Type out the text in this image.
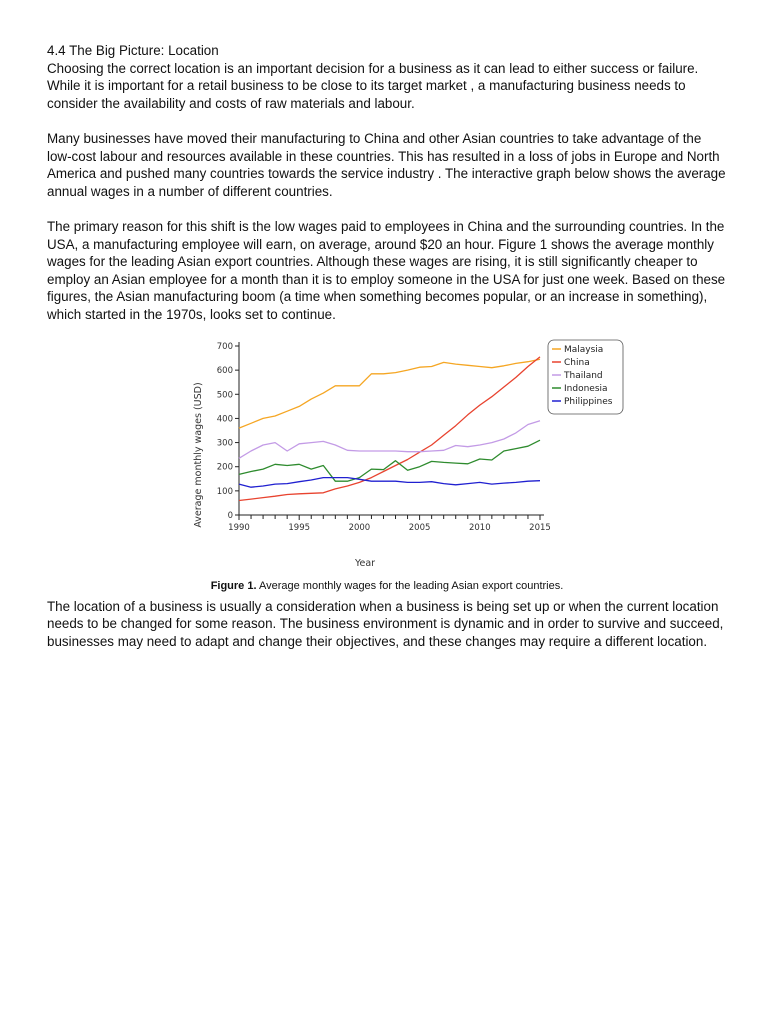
4.4 The Big Picture: Location

Choosing the correct location is an important decision for a business as it can lead to either success or failure. While it is important for a retail business to be close to its target market , a manufacturing business needs to consider the availability and costs of raw materials and labour.

Many businesses have moved their manufacturing to China and other Asian countries to take advantage of the low-cost labour and resources available in these countries. This has resulted in a loss of jobs in Europe and North America and pushed many countries towards the service industry . The interactive graph below shows the average annual wages in a number of different countries.

The primary reason for this shift is the low wages paid to employees in China and the surrounding countries. In the USA, a manufacturing employee will earn, on average, around $20 an hour. Figure 1 shows the average monthly wages for the leading Asian export countries. Although these wages are rising, it is still significantly cheaper to employ an Asian employee for a month than it is to employ someone in the USA for just one week. Based on these figures, the Asian manufacturing boom (a time when something becomes popular, or an increase in something), which started in the 1970s, looks set to continue.

0
100
200
300
400
500
600
700
1990	1995	2000	2005	2010	2015
Malaysia
China
Thailand
Indonesia
Philippines
Average monthly wages (USD)
Year

Figure 1. Average monthly wages for the leading Asian export countries.

The location of a business is usually a consideration when a business is being set up or when the current location needs to be changed for some reason. The business environment is dynamic and in order to survive and succeed, businesses may need to adapt and change their objectives, and these changes may require a different location.
